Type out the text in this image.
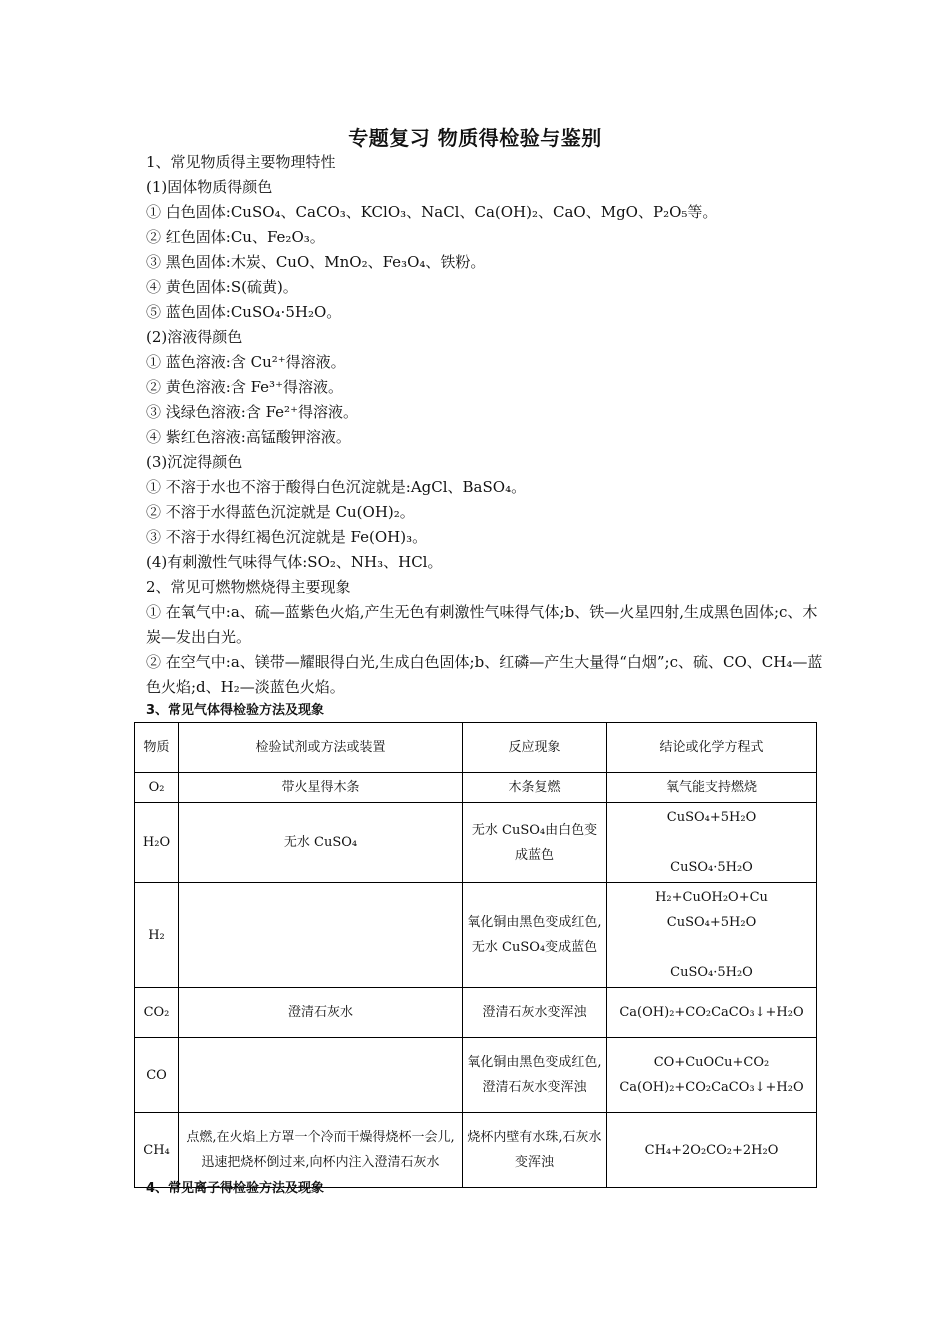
专题复习 物质得检验与鉴别
1、常见物质得主要物理特性
(1)固体物质得颜色
① 白色固体:CuSO₄、CaCO₃、KClO₃、NaCl、Ca(OH)₂、CaO、MgO、P₂O₅等。
② 红色固体:Cu、Fe₂O₃。
③ 黑色固体:木炭、CuO、MnO₂、Fe₃O₄、铁粉。
④ 黄色固体:S(硫黄)。
⑤ 蓝色固体:CuSO₄·5H₂O。
(2)溶液得颜色
① 蓝色溶液:含 Cu²⁺得溶液。
② 黄色溶液:含 Fe³⁺得溶液。
③ 浅绿色溶液:含 Fe²⁺得溶液。
④ 紫红色溶液:高锰酸钾溶液。
(3)沉淀得颜色
① 不溶于水也不溶于酸得白色沉淀就是:AgCl、BaSO₄。
② 不溶于水得蓝色沉淀就是 Cu(OH)₂。
③ 不溶于水得红褐色沉淀就是 Fe(OH)₃。
(4)有刺激性气味得气体:SO₂、NH₃、HCl。
2、常见可燃物燃烧得主要现象
① 在氧气中:a、硫—蓝紫色火焰,产生无色有刺激性气味得气体;b、铁—火星四射,生成黑色固体;c、木炭—发出白光。
② 在空气中:a、镁带—耀眼得白光,生成白色固体;b、红磷—产生大量得“白烟”;c、硫、CO、CH₄—蓝色火焰;d、H₂—淡蓝色火焰。
3、常见气体得检验方法及现象
物质	检验试剂或方法或装置	反应现象	结论或化学方程式
O₂	带火星得木条	木条复燃	氧气能支持燃烧
H₂O	无水 CuSO₄	无水 CuSO₄由白色变成蓝色	CuSO₄+5H₂O
CuSO₄·5H₂O

H₂		氧化铜由黑色变成红色,无水 CuSO₄变成蓝色	H₂+CuOH₂O+Cu
CuSO₄+5H₂O
CuSO₄·5H₂O

CO₂	澄清石灰水	澄清石灰水变浑浊	Ca(OH)₂+CO₂CaCO₃↓+H₂O
CO		氧化铜由黑色变成红色,澄清石灰水变浑浊	CO+CuOCu+CO₂
Ca(OH)₂+CO₂CaCO₃↓+H₂O

CH₄	点燃,在火焰上方罩一个冷而干燥得烧杯一会儿,迅速把烧杯倒过来,向杯内注入澄清石灰水	烧杯内壁有水珠,石灰水变浑浊	CH₄+2O₂CO₂+2H₂O
4、常见离子得检验方法及现象
